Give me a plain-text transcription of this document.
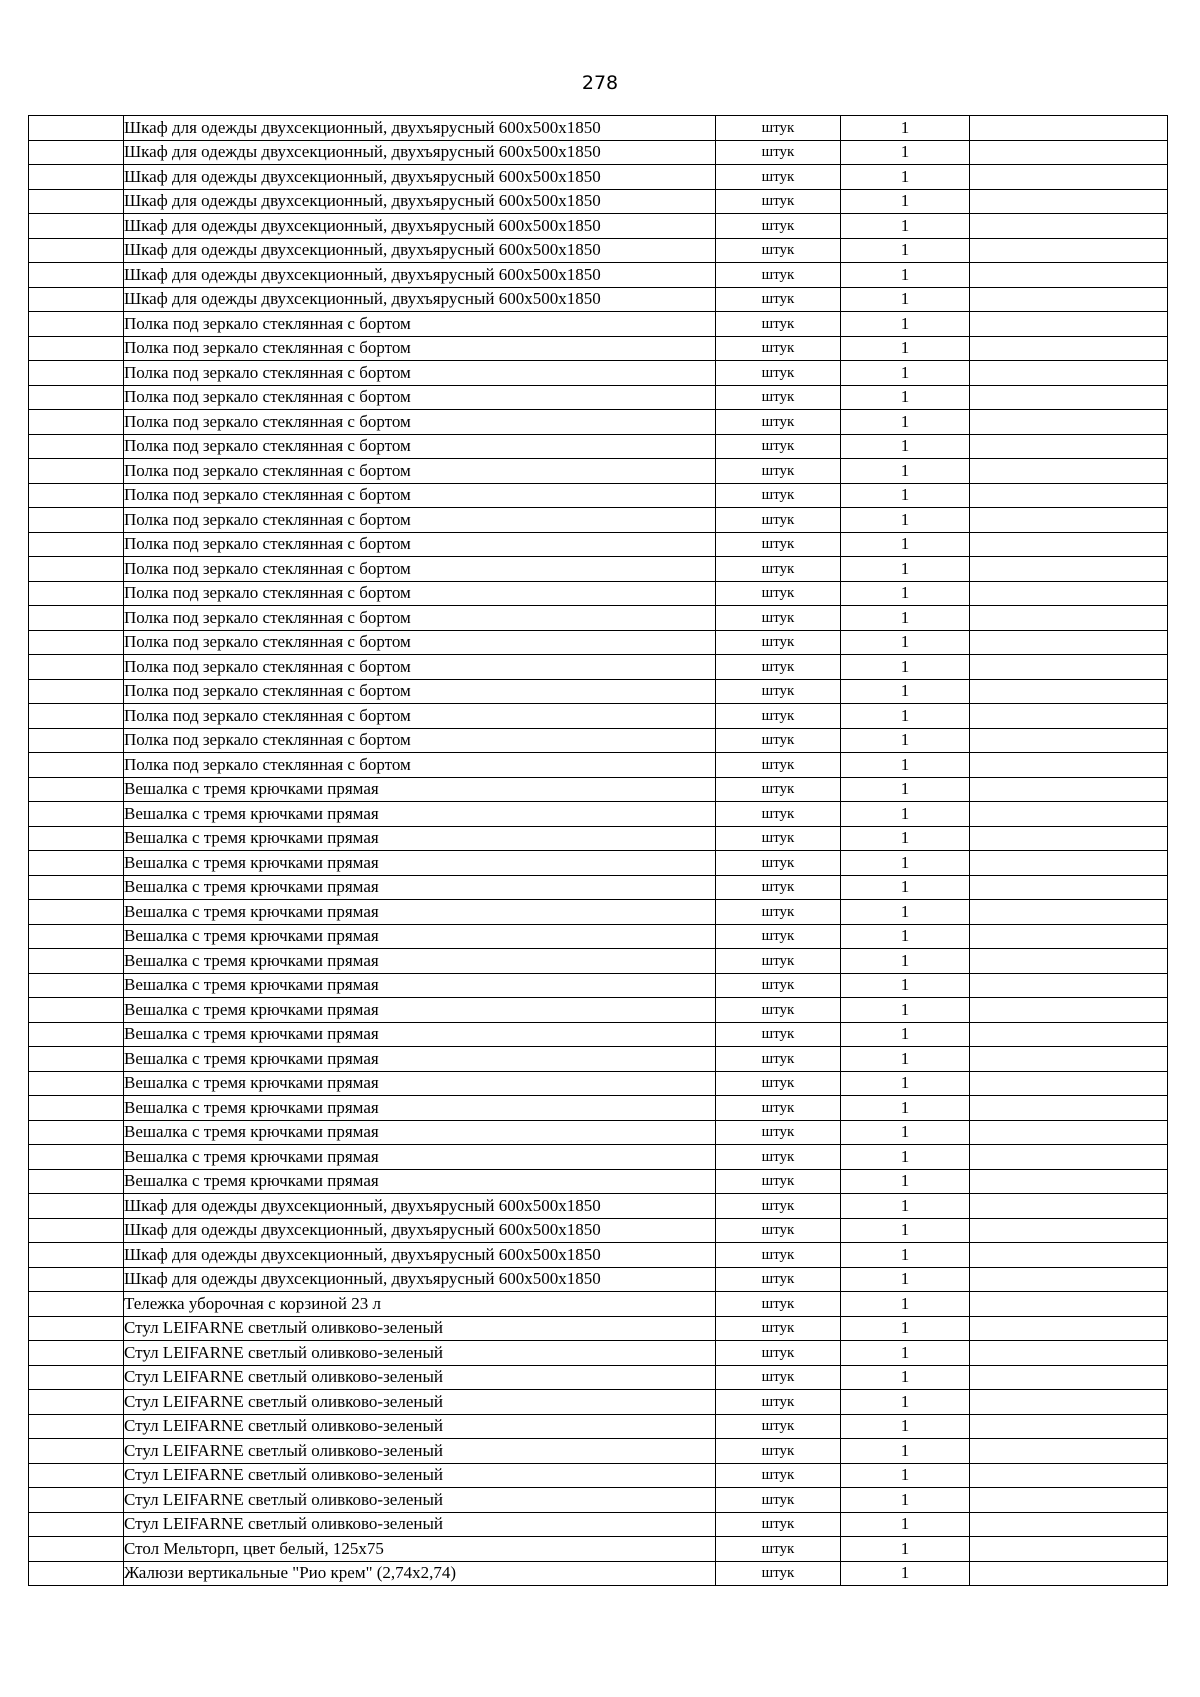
278
	Шкаф для одежды двухсекционный, двухъярусный 600х500х1850	штук	1	
	Шкаф для одежды двухсекционный, двухъярусный 600х500х1850	штук	1	
	Шкаф для одежды двухсекционный, двухъярусный 600х500х1850	штук	1	
	Шкаф для одежды двухсекционный, двухъярусный 600х500х1850	штук	1	
	Шкаф для одежды двухсекционный, двухъярусный 600х500х1850	штук	1	
	Шкаф для одежды двухсекционный, двухъярусный 600х500х1850	штук	1	
	Шкаф для одежды двухсекционный, двухъярусный 600х500х1850	штук	1	
	Шкаф для одежды двухсекционный, двухъярусный 600х500х1850	штук	1	
	Полка под зеркало стеклянная с бортом	штук	1	
	Полка под зеркало стеклянная с бортом	штук	1	
	Полка под зеркало стеклянная с бортом	штук	1	
	Полка под зеркало стеклянная с бортом	штук	1	
	Полка под зеркало стеклянная с бортом	штук	1	
	Полка под зеркало стеклянная с бортом	штук	1	
	Полка под зеркало стеклянная с бортом	штук	1	
	Полка под зеркало стеклянная с бортом	штук	1	
	Полка под зеркало стеклянная с бортом	штук	1	
	Полка под зеркало стеклянная с бортом	штук	1	
	Полка под зеркало стеклянная с бортом	штук	1	
	Полка под зеркало стеклянная с бортом	штук	1	
	Полка под зеркало стеклянная с бортом	штук	1	
	Полка под зеркало стеклянная с бортом	штук	1	
	Полка под зеркало стеклянная с бортом	штук	1	
	Полка под зеркало стеклянная с бортом	штук	1	
	Полка под зеркало стеклянная с бортом	штук	1	
	Полка под зеркало стеклянная с бортом	штук	1	
	Полка под зеркало стеклянная с бортом	штук	1	
	Вешалка с тремя крючками прямая	штук	1	
	Вешалка с тремя крючками прямая	штук	1	
	Вешалка с тремя крючками прямая	штук	1	
	Вешалка с тремя крючками прямая	штук	1	
	Вешалка с тремя крючками прямая	штук	1	
	Вешалка с тремя крючками прямая	штук	1	
	Вешалка с тремя крючками прямая	штук	1	
	Вешалка с тремя крючками прямая	штук	1	
	Вешалка с тремя крючками прямая	штук	1	
	Вешалка с тремя крючками прямая	штук	1	
	Вешалка с тремя крючками прямая	штук	1	
	Вешалка с тремя крючками прямая	штук	1	
	Вешалка с тремя крючками прямая	штук	1	
	Вешалка с тремя крючками прямая	штук	1	
	Вешалка с тремя крючками прямая	штук	1	
	Вешалка с тремя крючками прямая	штук	1	
	Вешалка с тремя крючками прямая	штук	1	
	Шкаф для одежды двухсекционный, двухъярусный 600х500х1850	штук	1	
	Шкаф для одежды двухсекционный, двухъярусный 600х500х1850	штук	1	
	Шкаф для одежды двухсекционный, двухъярусный 600х500х1850	штук	1	
	Шкаф для одежды двухсекционный, двухъярусный 600х500х1850	штук	1	
	Тележка уборочная с корзиной 23 л	штук	1	
	Стул LEIFARNE светлый оливково-зеленый	штук	1	
	Стул LEIFARNE светлый оливково-зеленый	штук	1	
	Стул LEIFARNE светлый оливково-зеленый	штук	1	
	Стул LEIFARNE светлый оливково-зеленый	штук	1	
	Стул LEIFARNE светлый оливково-зеленый	штук	1	
	Стул LEIFARNE светлый оливково-зеленый	штук	1	
	Стул LEIFARNE светлый оливково-зеленый	штук	1	
	Стул LEIFARNE светлый оливково-зеленый	штук	1	
	Стул LEIFARNE светлый оливково-зеленый	штук	1	
	Стол Мельторп, цвет белый, 125х75	штук	1	
	Жалюзи вертикальные "Рио крем" (2,74х2,74)	штук	1	
